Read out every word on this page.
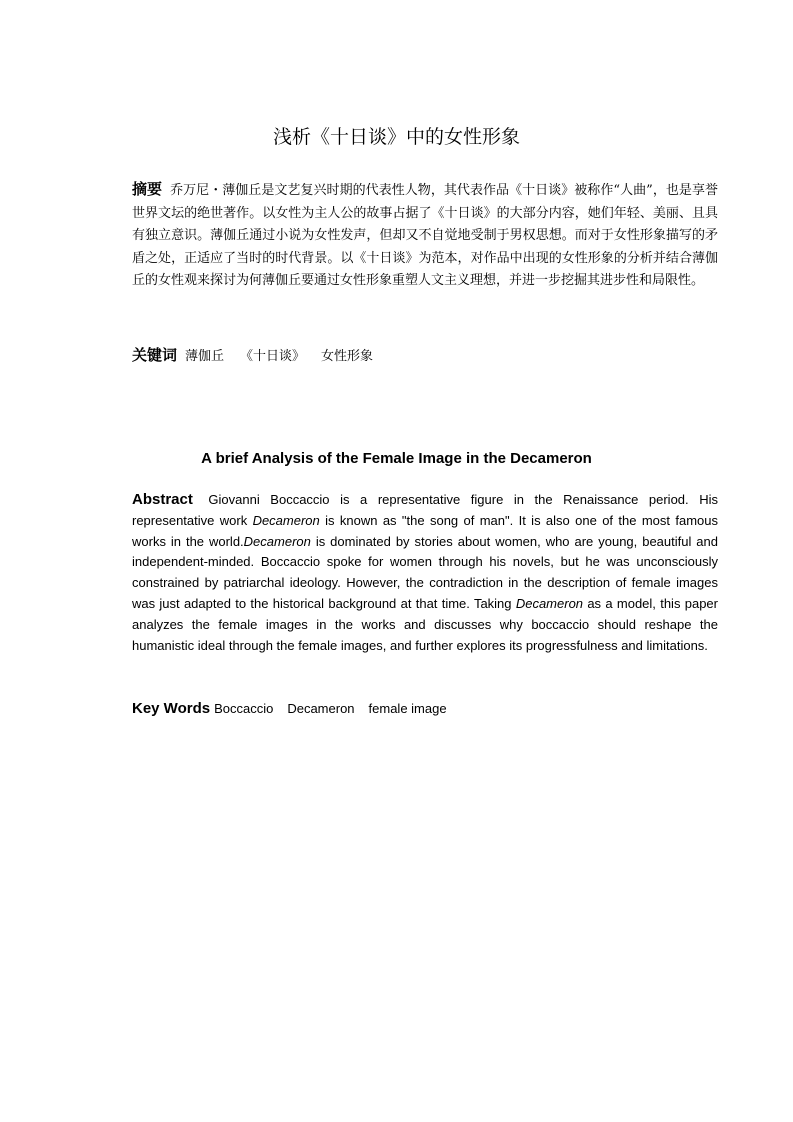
浅析《十日谈》中的女性形象
摘要 乔万尼・薄伽丘是文艺复兴时期的代表性人物，其代表作品《十日谈》被称作“人曲”，也是享誉世界文坛的绝世著作。以女性为主人公的故事占据了《十日谈》的大部分内容，她们年轻、美丽、且具有独立意识。薄伽丘通过小说为女性发声，但却又不自觉地受制于男权思想。而对于女性形象描写的矛盾之处，正适应了当时的时代背景。以《十日谈》为范本，对作品中出现的女性形象的分析并结合薄伽丘的女性观来探讨为何薄伽丘要通过女性形象重塑人文主义理想，并进一步挖掘其进步性和局限性。
关键词 薄伽丘 《十日谈》 女性形象
A brief Analysis of the Female Image in the Decameron
Abstract Giovanni Boccaccio is a representative figure in the Renaissance period. His representative work Decameron is known as "the song of man". It is also one of the most famous works in the world.Decameron is dominated by stories about women, who are young, beautiful and independent-minded. Boccaccio spoke for women through his novels, but he was unconsciously constrained by patriarchal ideology. However, the contradiction in the description of female images was just adapted to the historical background at that time. Taking Decameron as a model, this paper analyzes the female images in the works and discusses why boccaccio should reshape the humanistic ideal through the female images, and further explores its progressfulness and limitations.
Key Words Boccaccio Decameron female image
